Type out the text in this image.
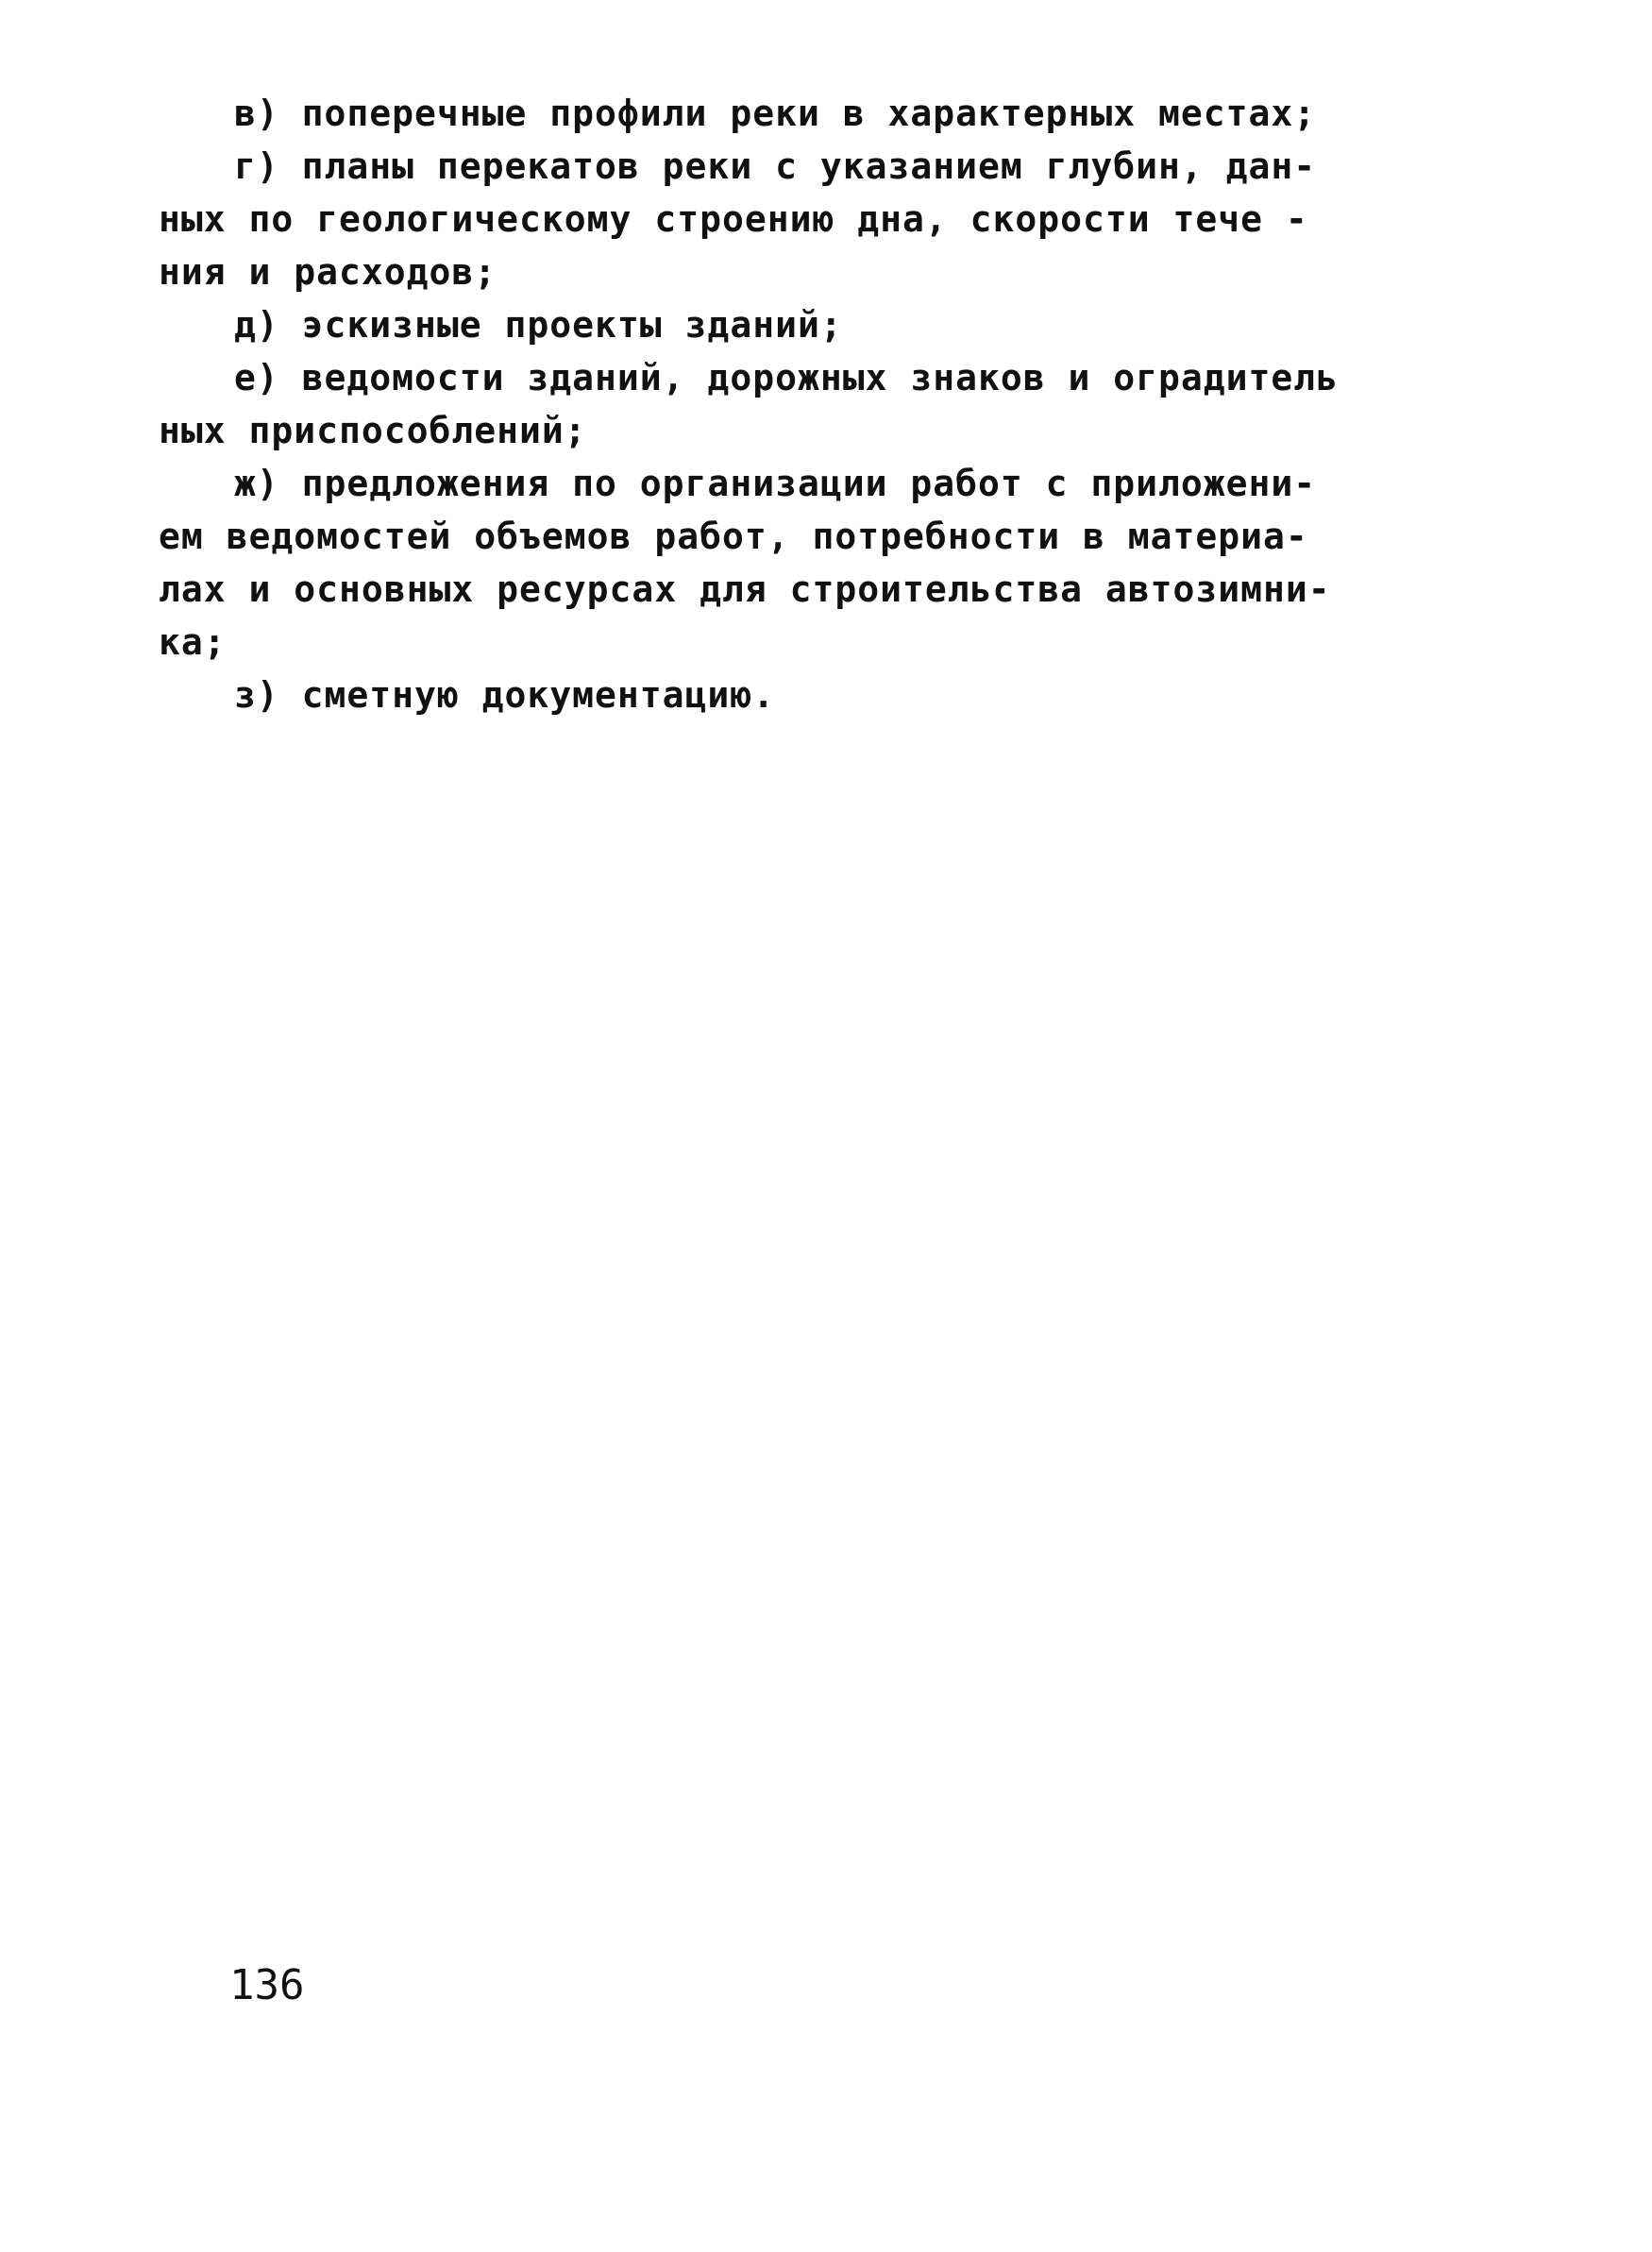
в) поперечные профили реки в характерных местах;
г) планы перекатов реки с указанием глубин, дан-
ных по геологическому строению дна, скорости тече -
ния и расходов;
д) эскизные проекты зданий;
е) ведомости зданий, дорожных знаков и оградитель
ных приспособлений;
ж) предложения по организации работ с приложени-
ем ведомостей объемов работ, потребности в материа-
лах и основных ресурсах для строительства автозимни-
ка;
з) сметную документацию.
136
